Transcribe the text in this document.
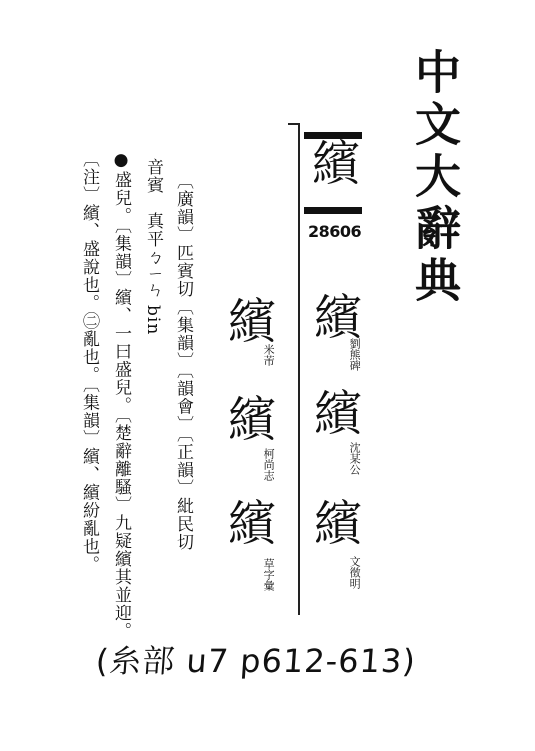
中文大辭典
繽
28606
繽
劉熊碑
繽
沈某公
繽
文徵明
繽
米芾
繽
柯尚志
繽
草字彙
〔廣韻〕匹賓切〔集韻〕〔韻會〕〔正韻〕紕民切
音賓　真平ㄅㄧㄣ bin
●盛兒。〔集韻〕繽、一曰盛兒。〔楚辭離騷〕九疑繽其並迎。
〔注〕繽、盛說也。㊁亂也。〔集韻〕繽、繽紛亂也。
(糸部 u7 p612-613)
